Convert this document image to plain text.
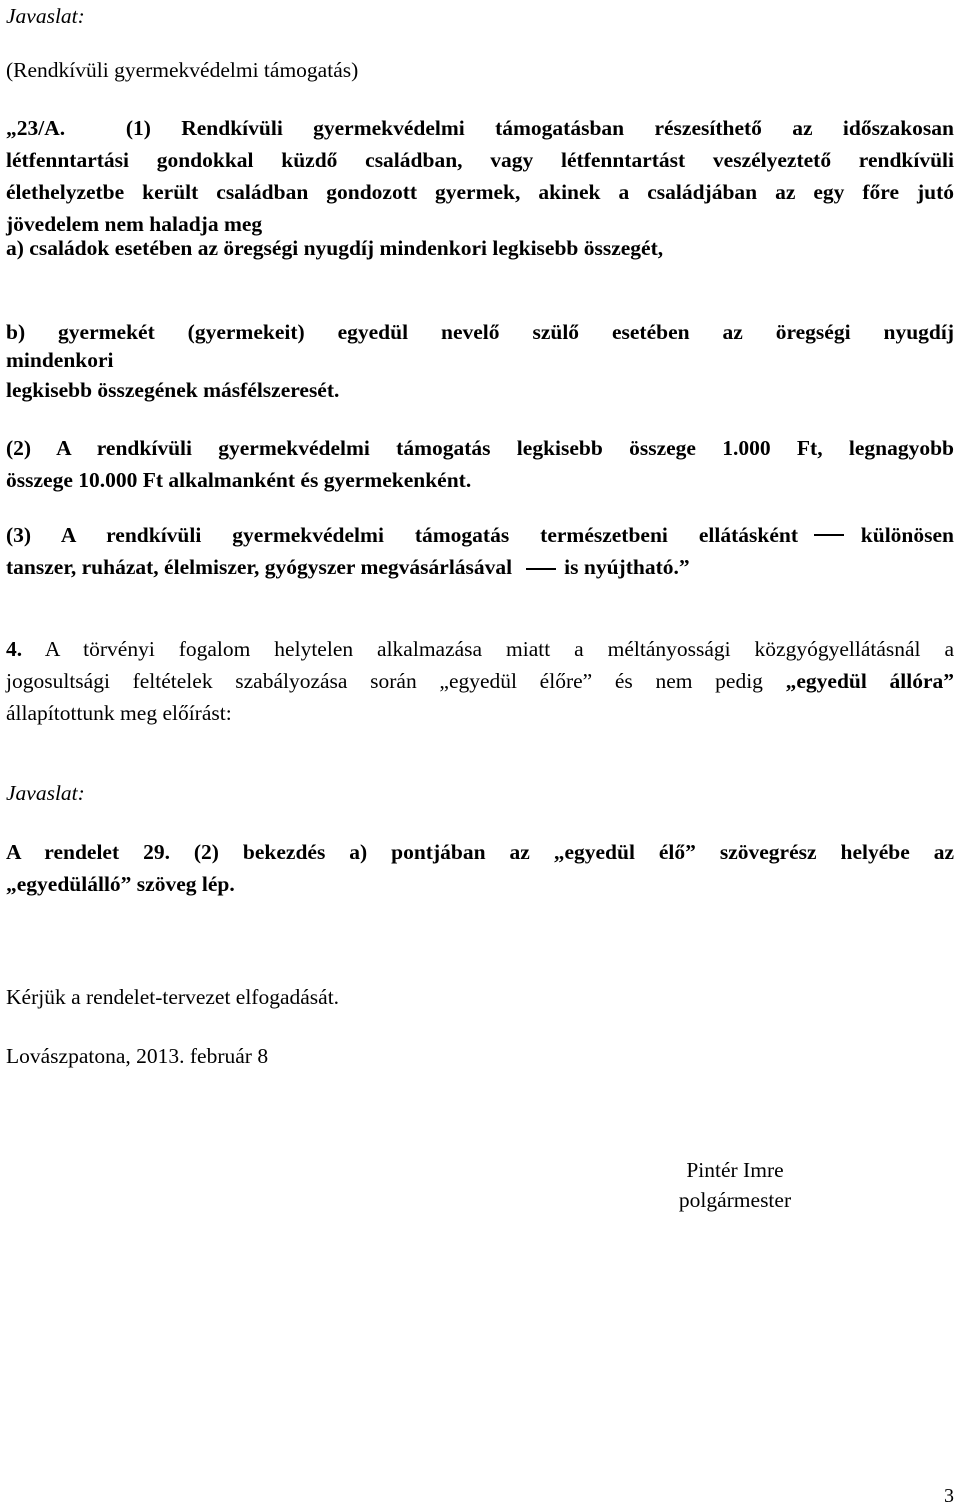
Javaslat:

(Rendkívüli gyermekvédelmi támogatás)

„23/A.	(1) Rendkívüli gyermekvédelmi támogatásban részesíthető az időszakosan
létfenntartási gondokkal küzdő családban, vagy létfenntartást veszélyeztető rendkívüli
élethelyzetbe került családban gondozott gyermek, akinek a családjában az egy főre jutó
jövedelem nem haladja meg

a) családok esetében az öregségi nyugdíj mindenkori legkisebb összegét,

b) gyermekét (gyermekeit) egyedül nevelő szülő esetében az öregségi nyugdíj
mindenkori
legkisebb összegének másfélszeresét.
(2) A rendkívüli gyermekvédelmi támogatás legkisebb összege 1.000 Ft, legnagyobb
összege 10.000 Ft alkalmanként és gyermekenként.
(3) A rendkívüli gyermekvédelmi támogatás természetbeni ellátásként	különösen
tanszer, ruházat, élelmiszer, gyógyszer megvásárlásával is nyújtható.”
4. A törvényi fogalom helytelen alkalmazása miatt a méltányossági közgyógyellátásnál a
jogosultsági feltételek szabályozása során „egyedül élőre” és nem pedig „egyedül állóra”
állapítottunk meg előírást:

Javaslat:

A rendelet 29. (2) bekezdés a) pontjában az „egyedül élő” szövegrész helyébe az
„egyedülálló” szöveg lép.

Kérjük a rendelet-tervezet elfogadását.

Lovászpatona, 2013. február 8

Pintér Imre
polgármester
3
